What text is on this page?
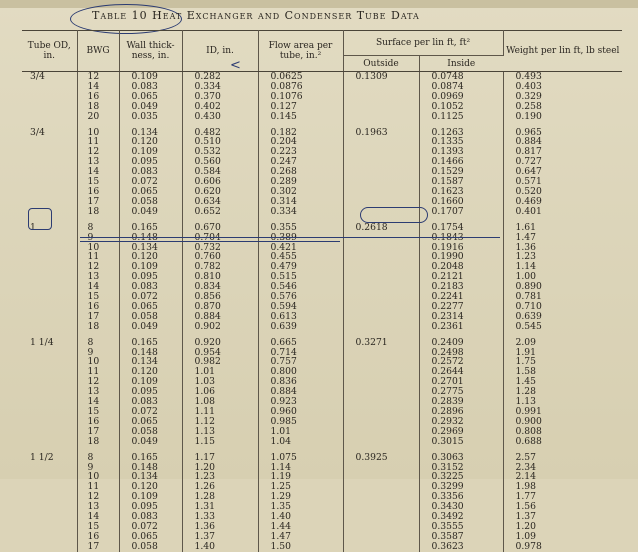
Table 10 Heat Exchanger and Condenser Tube Data
Tube OD, in.	BWG	Wall thick-ness, in.	ID, in.	Flow area per tube, in.²	Surface per lin ft, ft²		Weight per lin ft, lb steel
					Outside	Inside	
3/4	12	0.109	0.282	0.0625	0.1309	0.0748	0.493
	14	0.083	0.334	0.0876		0.0874	0.403
	16	0.065	0.370	0.1076		0.0969	0.329
	18	0.049	0.402	0.127		0.1052	0.258
	20	0.035	0.430	0.145		0.1125	0.190

3/4	10	0.134	0.482	0.182	0.1963	0.1263	0.965
	11	0.120	0.510	0.204		0.1335	0.884
	12	0.109	0.532	0.223		0.1393	0.817
	13	0.095	0.560	0.247		0.1466	0.727
	14	0.083	0.584	0.268		0.1529	0.647
	15	0.072	0.606	0.289		0.1587	0.571
	16	0.065	0.620	0.302		0.1623	0.520
	17	0.058	0.634	0.314		0.1660	0.469
	18	0.049	0.652	0.334		0.1707	0.401

1	8	0.165	0.670	0.355	0.2618	0.1754	1.61
	9	0.148	0.704	0.389		0.1843	1.47
	10	0.134	0.732	0.421		0.1916	1.36
	11	0.120	0.760	0.455		0.1990	1.23
	12	0.109	0.782	0.479		0.2048	1.14
	13	0.095	0.810	0.515		0.2121	1.00
	14	0.083	0.834	0.546		0.2183	0.890
	15	0.072	0.856	0.576		0.2241	0.781
	16	0.065	0.870	0.594		0.2277	0.710
	17	0.058	0.884	0.613		0.2314	0.639
	18	0.049	0.902	0.639		0.2361	0.545

1 1/4	8	0.165	0.920	0.665	0.3271	0.2409	2.09
	9	0.148	0.954	0.714		0.2498	1.91
	10	0.134	0.982	0.757		0.2572	1.75
	11	0.120	1.01	0.800		0.2644	1.58
	12	0.109	1.03	0.836		0.2701	1.45
	13	0.095	1.06	0.884		0.2775	1.28
	14	0.083	1.08	0.923		0.2839	1.13
	15	0.072	1.11	0.960		0.2896	0.991
	16	0.065	1.12	0.985		0.2932	0.900
	17	0.058	1.13	1.01		0.2969	0.808
	18	0.049	1.15	1.04		0.3015	0.688

1 1/2	8	0.165	1.17	1.075	0.3925	0.3063	2.57
	9	0.148	1.20	1.14		0.3152	2.34
	10	0.134	1.23	1.19		0.3225	2.14
	11	0.120	1.26	1.25		0.3299	1.98
	12	0.109	1.28	1.29		0.3356	1.77
	13	0.095	1.31	1.35		0.3430	1.56
	14	0.083	1.33	1.40		0.3492	1.37
	15	0.072	1.36	1.44		0.3555	1.20
	16	0.065	1.37	1.47		0.3587	1.09
	17	0.058	1.40	1.50		0.3623	0.978
<
